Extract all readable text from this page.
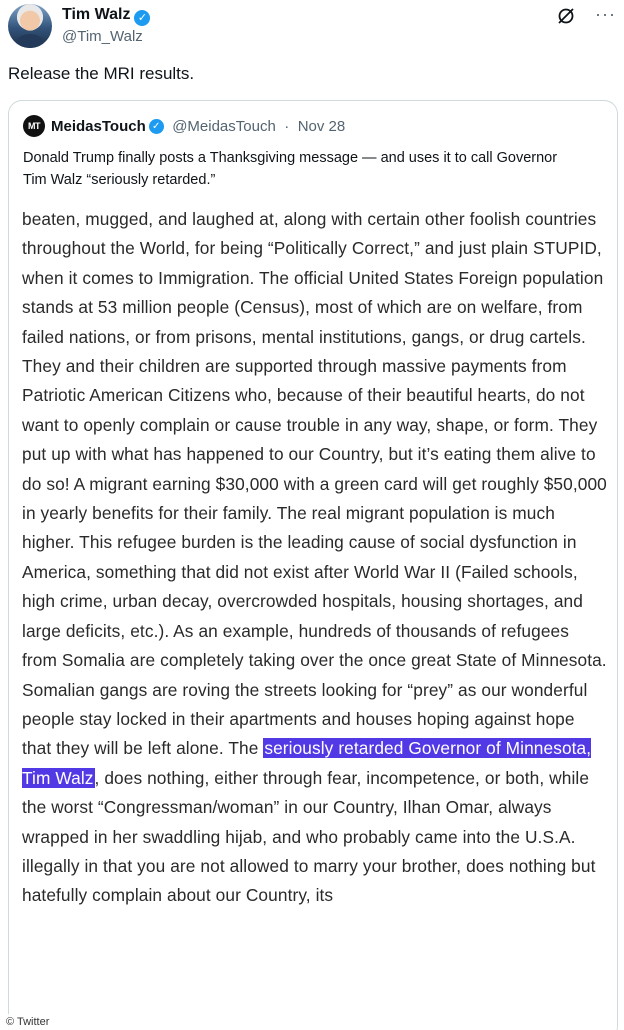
Tim Walz ✓
@Tim_Walz
···
Release the MRI results.
MT MeidasTouch ✓ @MeidasTouch · Nov 28
Donald Trump finally posts a Thanksgiving message — and uses it to call Governor Tim Walz “seriously retarded.”
beaten, mugged, and laughed at, along with certain other foolish countries throughout the World, for being “Politically Correct,” and just plain STUPID, when it comes to Immigration. The official United States Foreign population stands at 53 million people (Census), most of which are on welfare, from failed nations, or from prisons, mental institutions, gangs, or drug cartels. They and their children are supported through massive payments from Patriotic American Citizens who, because of their beautiful hearts, do not want to openly complain or cause trouble in any way, shape, or form. They put up with what has happened to our Country, but it’s eating them alive to do so! A migrant earning $30,000 with a green card will get roughly $50,000 in yearly benefits for their family. The real migrant population is much higher. This refugee burden is the leading cause of social dysfunction in America, something that did not exist after World War II (Failed schools, high crime, urban decay, overcrowded hospitals, housing shortages, and large deficits, etc.). As an example, hundreds of thousands of refugees from Somalia are completely taking over the once great State of Minnesota. Somalian gangs are roving the streets looking for “prey” as our wonderful people stay locked in their apartments and houses hoping against hope that they will be left alone. The seriously retarded Governor of Minnesota, Tim Walz, does nothing, either through fear, incompetence, or both, while the worst “Congressman/woman” in our Country, Ilhan Omar, always wrapped in her swaddling hijab, and who probably came into the U.S.A. illegally in that you are not allowed to marry your brother, does nothing but hatefully complain about our Country, its
© Twitter
